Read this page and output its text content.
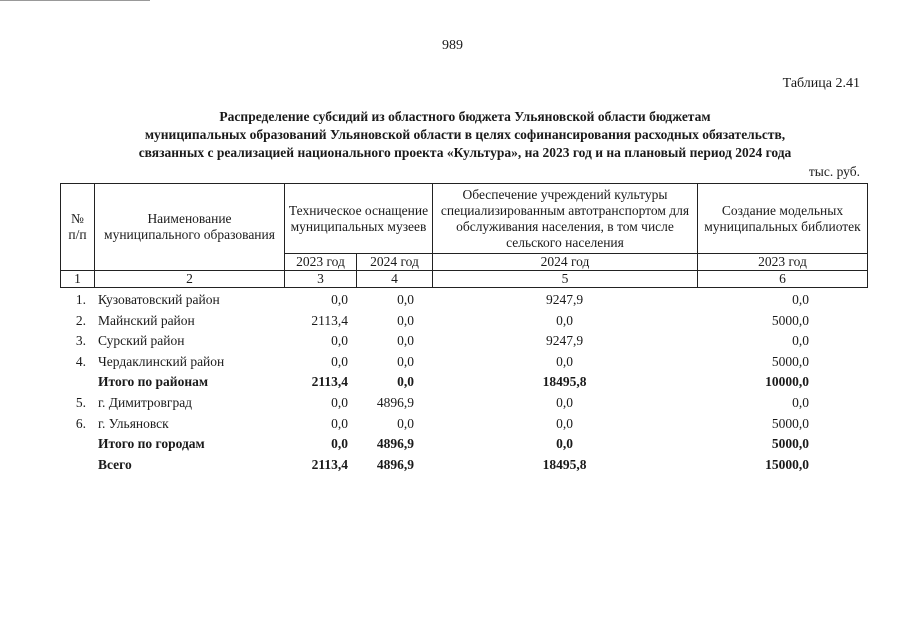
989
Таблица 2.41
Распределение субсидий из областного бюджета Ульяновской области бюджетам
муниципальных образований Ульяновской области в целях софинансирования расходных обязательств,
связанных с реализацией национального проекта «Культура», на 2023 год и на плановый период 2024 года
тыс. руб.
№ п/п	Наименование муниципального образования	Техническое оснащение муниципальных музеев		Обеспечение учреждений культуры специализированным автотранспортом для обслуживания населения, в том числе сельского населения	Создание модельных муниципальных библиотек
		2023 год	2024 год	2024 год	2023 год
1	2	3	4	5	6
1.	Кузоватовский район	0,0	0,0	9247,9	0,0
2.	Майнский район	2113,4	0,0	0,0	5000,0
3.	Сурский район	0,0	0,0	9247,9	0,0
4.	Чердаклинский район	0,0	0,0	0,0	5000,0
	Итого по районам	2113,4	0,0	18495,8	10000,0
5.	г. Димитровград	0,0	4896,9	0,0	0,0
6.	г. Ульяновск	0,0	0,0	0,0	5000,0
	Итого по городам	0,0	4896,9	0,0	5000,0
	Всего	2113,4	4896,9	18495,8	15000,0
